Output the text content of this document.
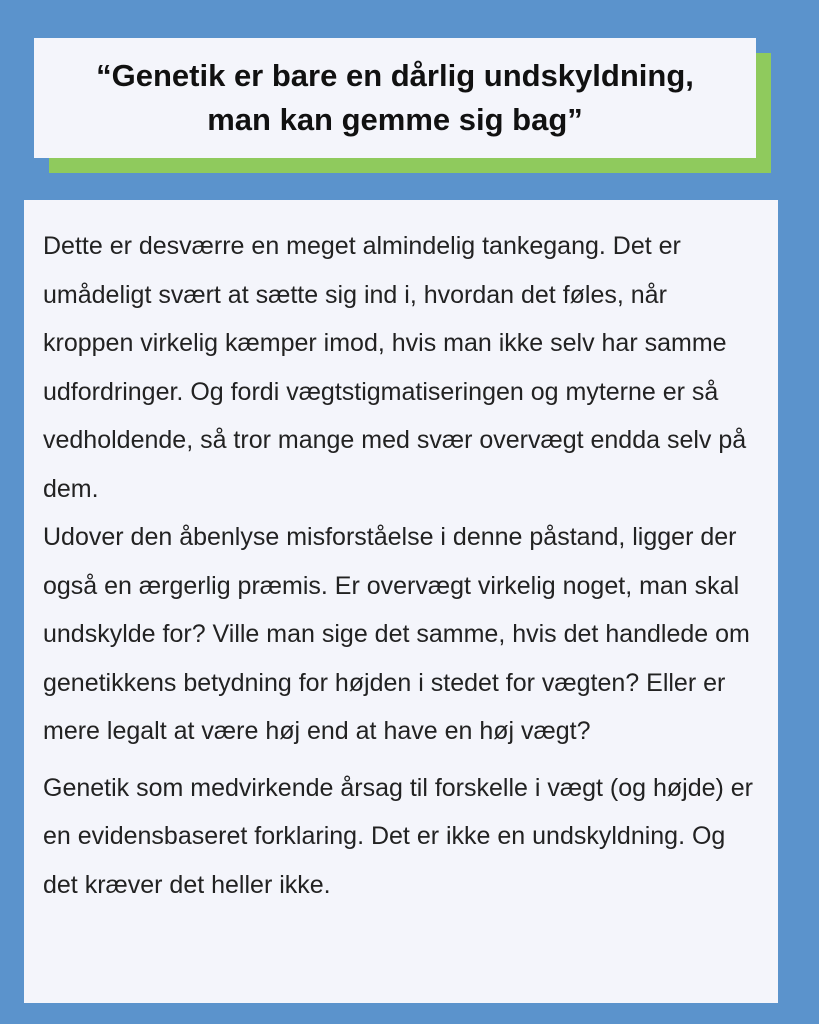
“Genetik er bare en dårlig undskyldning, man kan gemme sig bag”

Dette er desværre en meget almindelig tankegang. Det er umådeligt svært at sætte sig ind i, hvordan det føles, når kroppen virkelig kæmper imod, hvis man ikke selv har samme udfordringer. Og fordi vægtstigmatiseringen og myterne er så vedholdende, så tror mange med svær overvægt endda selv på dem.

Udover den åbenlyse misforståelse i denne påstand, ligger der også en ærgerlig præmis. Er overvægt virkelig noget, man skal undskylde for? Ville man sige det samme, hvis det handlede om genetikkens betydning for højden i stedet for vægten? Eller er mere legalt at være høj end at have en høj vægt?

Genetik som medvirkende årsag til forskelle i vægt (og højde) er en evidensbaseret forklaring. Det er ikke en undskyldning. Og det kræver det heller ikke.
